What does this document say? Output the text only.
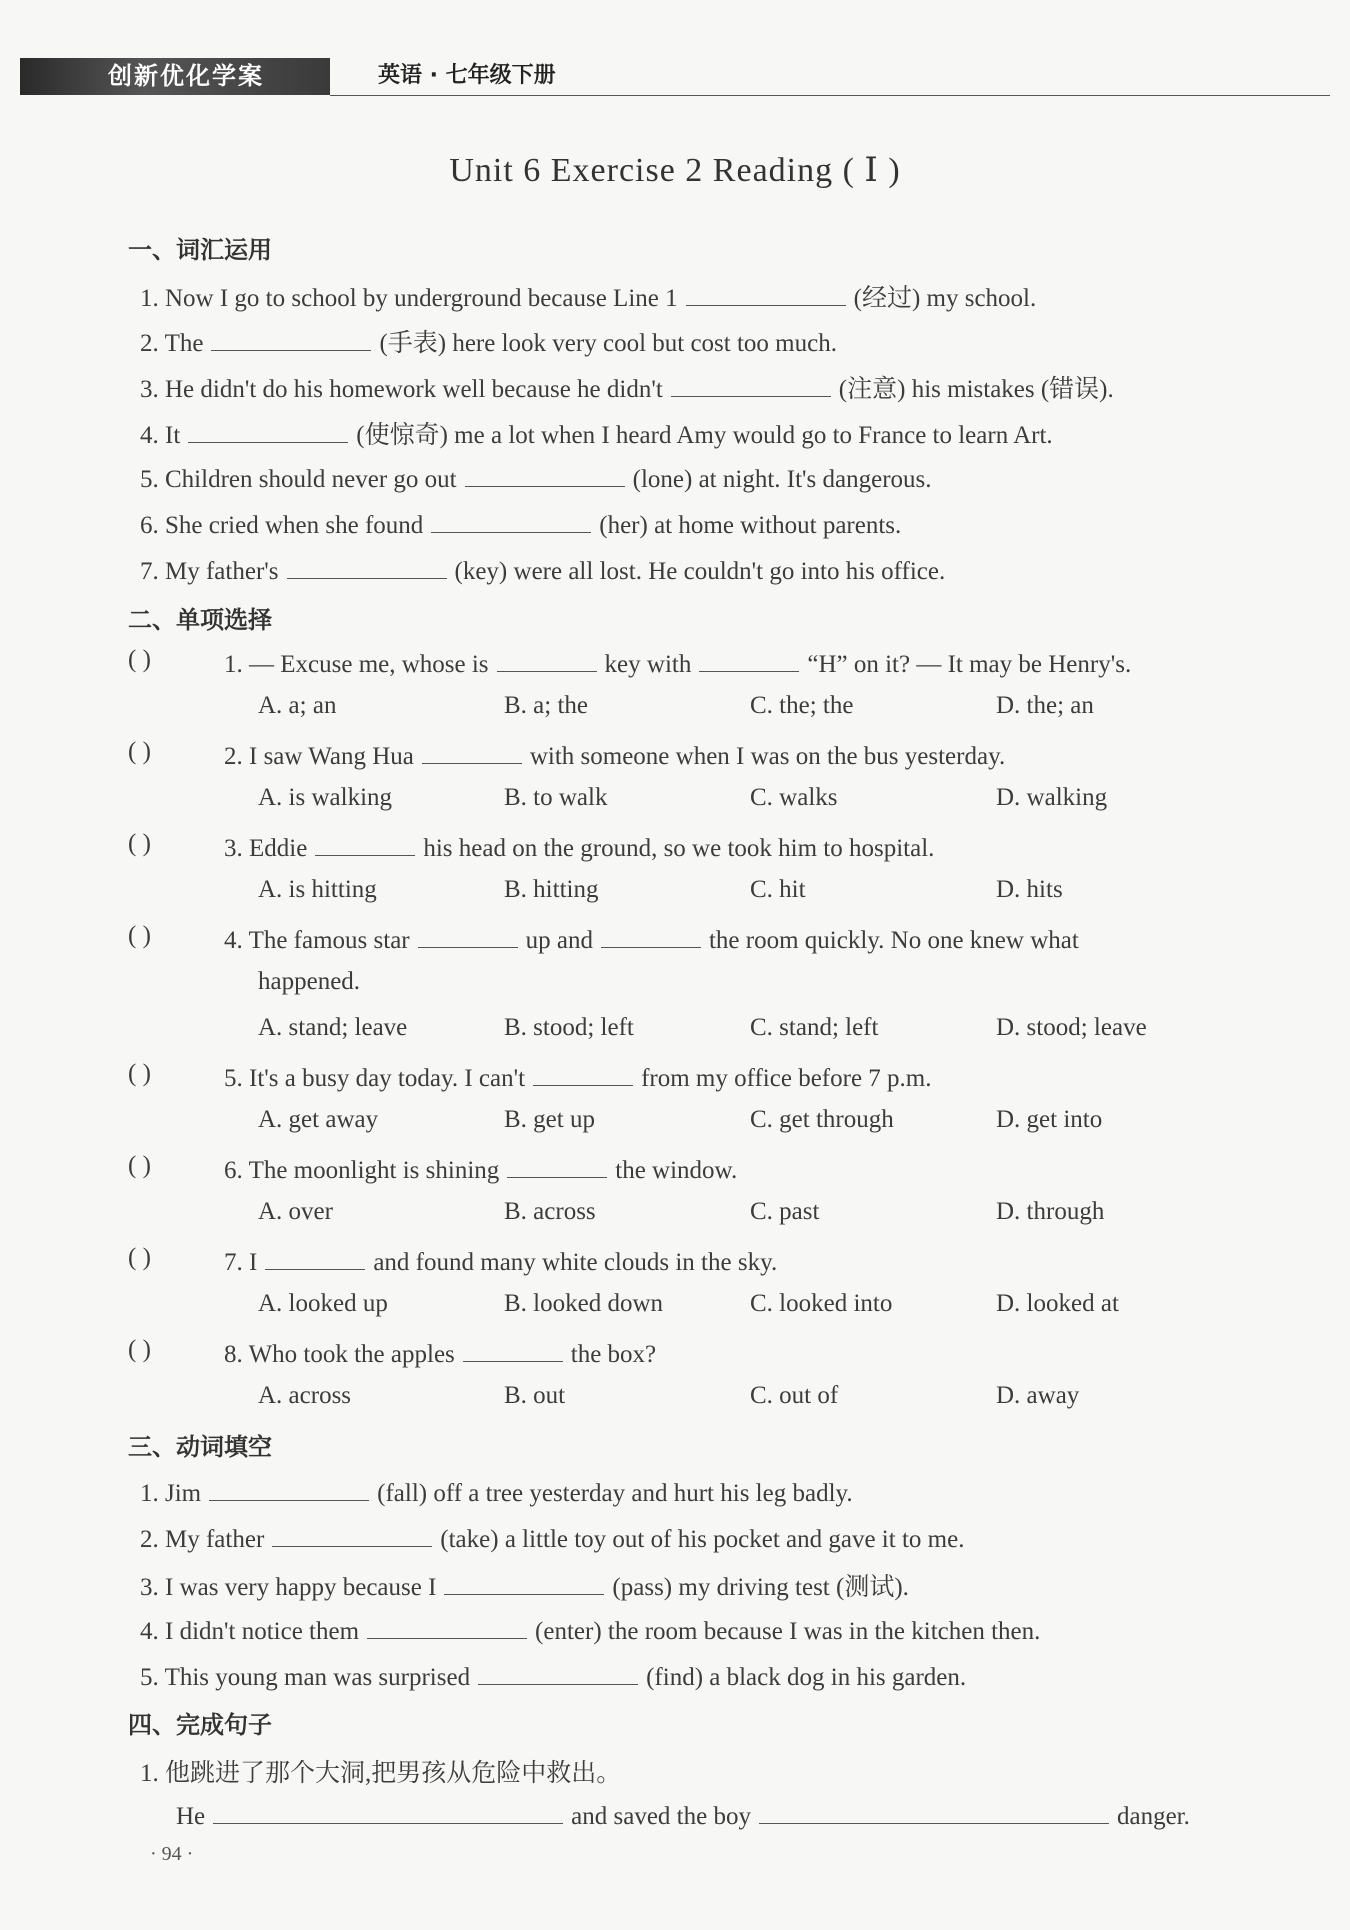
创新优化学案	英语 · 七年级下册
Unit 6 Exercise 2 Reading ( Ⅰ )
一、词汇运用
1. Now I go to school by underground because Line 1	(经过) my school.
2. The	(手表) here look very cool but cost too much.
3. He didn't do his homework well because he didn't	(注意) his mistakes (错误).
4. It	(使惊奇) me a lot when I heard Amy would go to France to learn Art.
5. Children should never go out	(lone) at night. It's dangerous.
6. She cried when she found	(her) at home without parents.
7. My father's	(key) were all lost. He couldn't go into his office.
二、单项选择
( )	1. — Excuse me, whose is	key with	“H” on it? — It may be Henry's.
A. a; an	B. a; the	C. the; the	D. the; an
( )	2. I saw Wang Hua	with someone when I was on the bus yesterday.
A. is walking	B. to walk	C. walks	D. walking
( )	3. Eddie	his head on the ground, so we took him to hospital.
A. is hitting	B. hitting	C. hit	D. hits
( )	4. The famous star	up and	the room quickly. No one knew what
happened.
A. stand; leave	B. stood; left	C. stand; left	D. stood; leave
( )	5. It's a busy day today. I can't	from my office before 7 p.m.
A. get away	B. get up	C. get through	D. get into
( )	6. The moonlight is shining	the window.
A. over	B. across	C. past	D. through
( )	7. I	and found many white clouds in the sky.
A. looked up	B. looked down	C. looked into	D. looked at
( )	8. Who took the apples	the box?
A. across	B. out	C. out of	D. away
三、动词填空
1. Jim	(fall) off a tree yesterday and hurt his leg badly.
2. My father	(take) a little toy out of his pocket and gave it to me.
3. I was very happy because I	(pass) my driving test (测试).
4. I didn't notice them	(enter) the room because I was in the kitchen then.
5. This young man was surprised	(find) a black dog in his garden.
四、完成句子
1. 他跳进了那个大洞,把男孩从危险中救出。
He	and saved the boy	danger.
· 94 ·
